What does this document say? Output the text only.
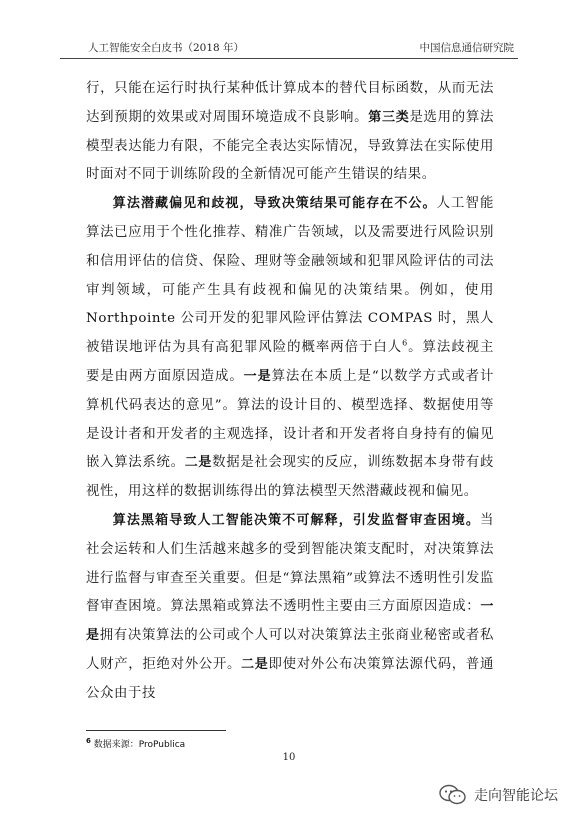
人工智能安全白皮书（2018 年）	中国信息通信研究院

行，只能在运行时执行某种低计算成本的替代目标函数，从而无法达到预期的效果或对周围环境造成不良影响。第三类是选用的算法模型表达能力有限，不能完全表达实际情况，导致算法在实际使用时面对不同于训练阶段的全新情况可能产生错误的结果。

算法潜藏偏见和歧视，导致决策结果可能存在不公。人工智能算法已应用于个性化推荐、精准广告领域，以及需要进行风险识别和信用评估的信贷、保险、理财等金融领域和犯罪风险评估的司法审判领域，可能产生具有歧视和偏见的决策结果。例如，使用 Northpointe 公司开发的犯罪风险评估算法 COMPAS 时，黑人被错误地评估为具有高犯罪风险的概率两倍于白人$^6$。算法歧视主要是由两方面原因造成。一是算法在本质上是“以数学方式或者计算机代码表达的意见”。算法的设计目的、模型选择、数据使用等是设计者和开发者的主观选择，设计者和开发者将自身持有的偏见嵌入算法系统。二是数据是社会现实的反应，训练数据本身带有歧视性，用这样的数据训练得出的算法模型天然潜藏歧视和偏见。

算法黑箱导致人工智能决策不可解释，引发监督审查困境。当社会运转和人们生活越来越多的受到智能决策支配时，对决策算法进行监督与审查至关重要。但是“算法黑箱”或算法不透明性引发监督审查困境。算法黑箱或算法不透明性主要由三方面原因造成：一是拥有决策算法的公司或个人可以对决策算法主张商业秘密或者私人财产，拒绝对外公开。二是即使对外公布决策算法源代码，普通公众由于技

$^6$ 数据来源：ProPublica
10
走向智能论坛
